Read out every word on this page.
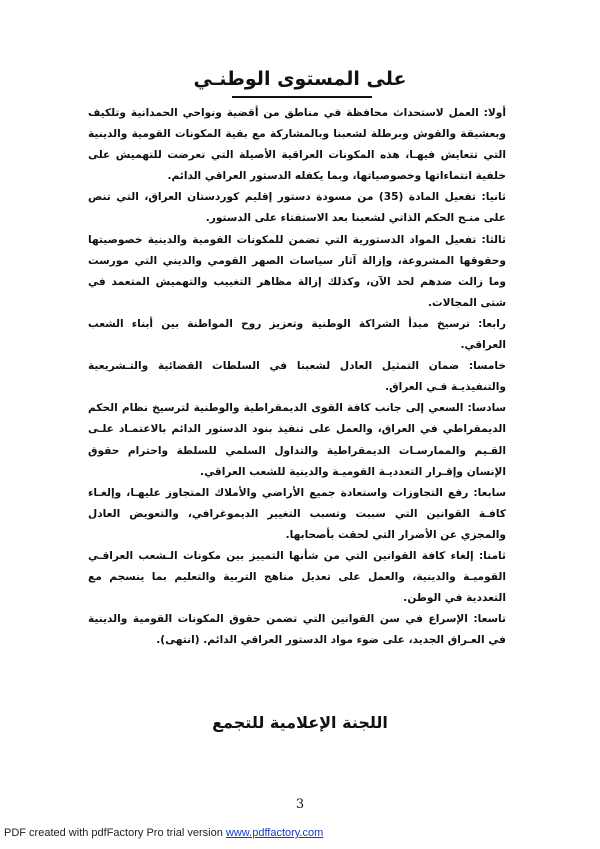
على المستوى الوطنـي

أولا: العمل لاستحداث محافظة في مناطق من أقضية ونواحي الحمدانية وتلكيف وبعشيقة والقوش وبرطلة لشعبنا وبالمشاركة مع بقية المكونات القومية والدينية التي تتعايش فيهـا، هذه المكونات العراقية الأصيلة التي تعرضت للتهميش على خلفية انتماءاتها وخصوصياتها، وبما يكفله الدستور العراقي الدائم.

ثانيا: تفعيل المادة (35) من مسودة دستور إقليم كوردستان العراق، التي تنص على منـح الحكم الذاتي لشعبنا بعد الاستفتاء على الدستور.

ثالثا: تفعيل المواد الدستورية التي تضمن للمكونات القومية والدينية خصوصيتها وحقوقها المشروعة، وإزالة آثار سياسات الصهر القومي والديني التي مورست وما زالت ضدهم لحد الآن، وكذلك إزالة مظاهر التغييب والتهميش المتعمد في شتى المجالات.

رابعا: ترسيخ مبدأ الشراكة الوطنية وتعزيز روح المواطنة بين أبناء الشعب العراقي.

خامسا: ضمان التمثيل العادل لشعبنا في السلطات القضائية والتـشريعية والتنفيذيـة فـي العراق.

سادسا: السعي إلى جانب كافة القوى الديمقراطية والوطنية لترسيخ نظام الحكم الديمقراطي في العراق، والعمل على تنفيذ بنود الدستور الدائم بالاعتمـاد علـى القـيم والممارسـات الديمقراطية والتداول السلمي للسلطة واحترام حقوق الإنسان وإقـرار التعدديـة القوميـة والدينية للشعب العراقي.

سابعا: رفع التجاوزات واستعادة جميع الأراضي والأملاك المتجاوز عليهـا، وإلغـاء كافـة القوانين التي سببت وتسبب التغيير الديموغرافي، والتعويض العادل والمجزي عن الأضرار التي لحقت بأصحابها.

ثامنا: إلغاء كافة القوانين التي من شأنها التمييز بين مكونات الـشعب العراقـي القوميـة والدينية، والعمل على تعديل مناهج التربية والتعليم بما ينسجم مع التعددية في الوطن.

تاسعا: الإسراع في سن القوانين التي تضمن حقوق المكونات القومية والدينية في العـراق الجديد، على ضوء مواد الدستور العراقي الدائم. (انتهى).

اللجنة الإعلامية للتجمع
3
PDF created with pdfFactory Pro trial version www.pdffactory.com
